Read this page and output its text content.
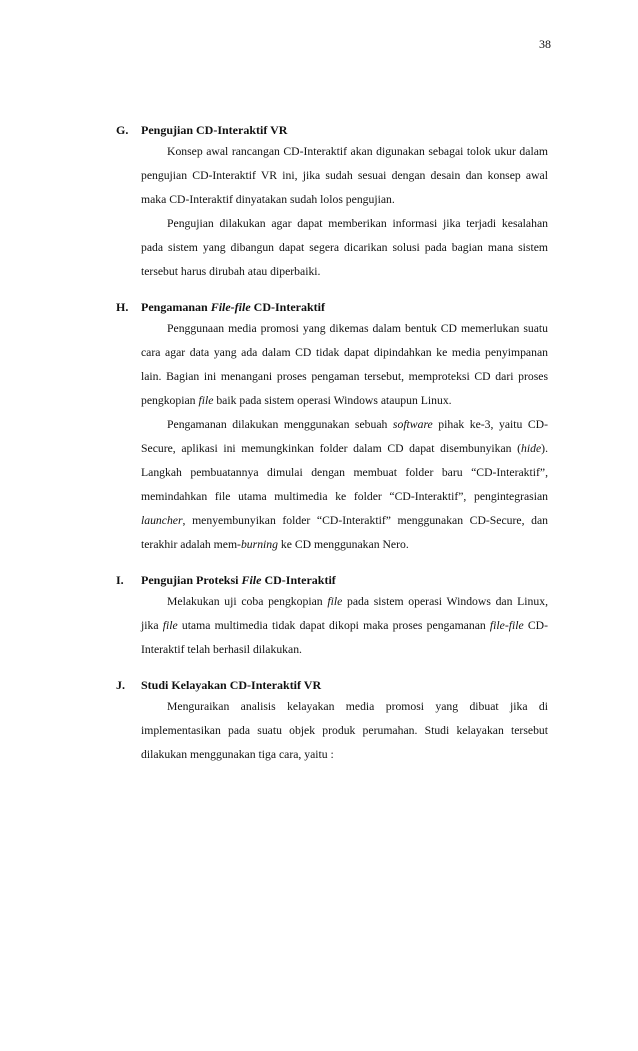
38
G.	Pengujian CD-Interaktif VR

Konsep awal rancangan CD-Interaktif akan digunakan sebagai tolok ukur dalam pengujian CD-Interaktif VR ini, jika sudah sesuai dengan desain dan konsep awal maka CD-Interaktif dinyatakan sudah lolos pengujian.

Pengujian dilakukan agar dapat memberikan informasi jika terjadi kesalahan pada sistem yang dibangun dapat segera dicarikan solusi pada bagian mana sistem tersebut harus dirubah atau diperbaiki.

H.	Pengamanan File-file CD-Interaktif

Penggunaan media promosi yang dikemas dalam bentuk CD memerlukan suatu cara agar data yang ada dalam CD tidak dapat dipindahkan ke media penyimpanan lain. Bagian ini menangani proses pengaman tersebut, memproteksi CD dari proses pengkopian file baik pada sistem operasi Windows ataupun Linux.

Pengamanan dilakukan menggunakan sebuah software pihak ke-3, yaitu CD-Secure, aplikasi ini memungkinkan folder dalam CD dapat disembunyikan (hide). Langkah pembuatannya dimulai dengan membuat folder baru “CD-Interaktif”, memindahkan file utama multimedia ke folder “CD-Interaktif”, pengintegrasian launcher, menyembunyikan folder “CD-Interaktif” menggunakan CD-Secure, dan terakhir adalah mem-burning ke CD menggunakan Nero.

I.	Pengujian Proteksi File CD-Interaktif

Melakukan uji coba pengkopian file pada sistem operasi Windows dan Linux, jika file utama multimedia tidak dapat dikopi maka proses pengamanan file-file CD-Interaktif telah berhasil dilakukan.

J.	Studi Kelayakan CD-Interaktif VR

Menguraikan analisis kelayakan media promosi yang dibuat jika di implementasikan pada suatu objek produk perumahan. Studi kelayakan tersebut dilakukan menggunakan tiga cara, yaitu :
